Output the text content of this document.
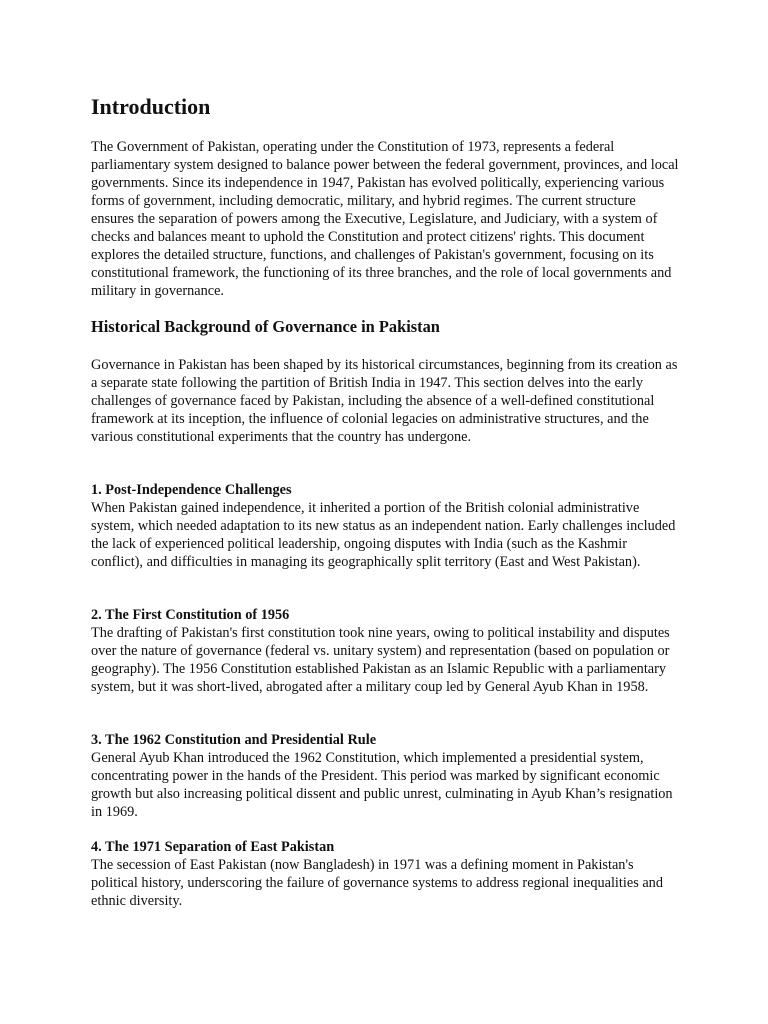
Introduction

The Government of Pakistan, operating under the Constitution of 1973, represents a federal parliamentary system designed to balance power between the federal government, provinces, and local governments. Since its independence in 1947, Pakistan has evolved politically, experiencing various forms of government, including democratic, military, and hybrid regimes. The current structure ensures the separation of powers among the Executive, Legislature, and Judiciary, with a system of checks and balances meant to uphold the Constitution and protect citizens' rights. This document explores the detailed structure, functions, and challenges of Pakistan's government, focusing on its constitutional framework, the functioning of its three branches, and the role of local governments and military in governance.

Historical Background of Governance in Pakistan

Governance in Pakistan has been shaped by its historical circumstances, beginning from its creation as a separate state following the partition of British India in 1947. This section delves into the early challenges of governance faced by Pakistan, including the absence of a well-defined constitutional framework at its inception, the influence of colonial legacies on administrative structures, and the various constitutional experiments that the country has undergone.

1. Post-Independence Challenges

When Pakistan gained independence, it inherited a portion of the British colonial administrative system, which needed adaptation to its new status as an independent nation. Early challenges included the lack of experienced political leadership, ongoing disputes with India (such as the Kashmir conflict), and difficulties in managing its geographically split territory (East and West Pakistan).

2. The First Constitution of 1956

The drafting of Pakistan's first constitution took nine years, owing to political instability and disputes over the nature of governance (federal vs. unitary system) and representation (based on population or geography). The 1956 Constitution established Pakistan as an Islamic Republic with a parliamentary system, but it was short-lived, abrogated after a military coup led by General Ayub Khan in 1958.

3. The 1962 Constitution and Presidential Rule

General Ayub Khan introduced the 1962 Constitution, which implemented a presidential system, concentrating power in the hands of the President. This period was marked by significant economic growth but also increasing political dissent and public unrest, culminating in Ayub Khan’s resignation in 1969.

4. The 1971 Separation of East Pakistan

The secession of East Pakistan (now Bangladesh) in 1971 was a defining moment in Pakistan's political history, underscoring the failure of governance systems to address regional inequalities and ethnic diversity.
